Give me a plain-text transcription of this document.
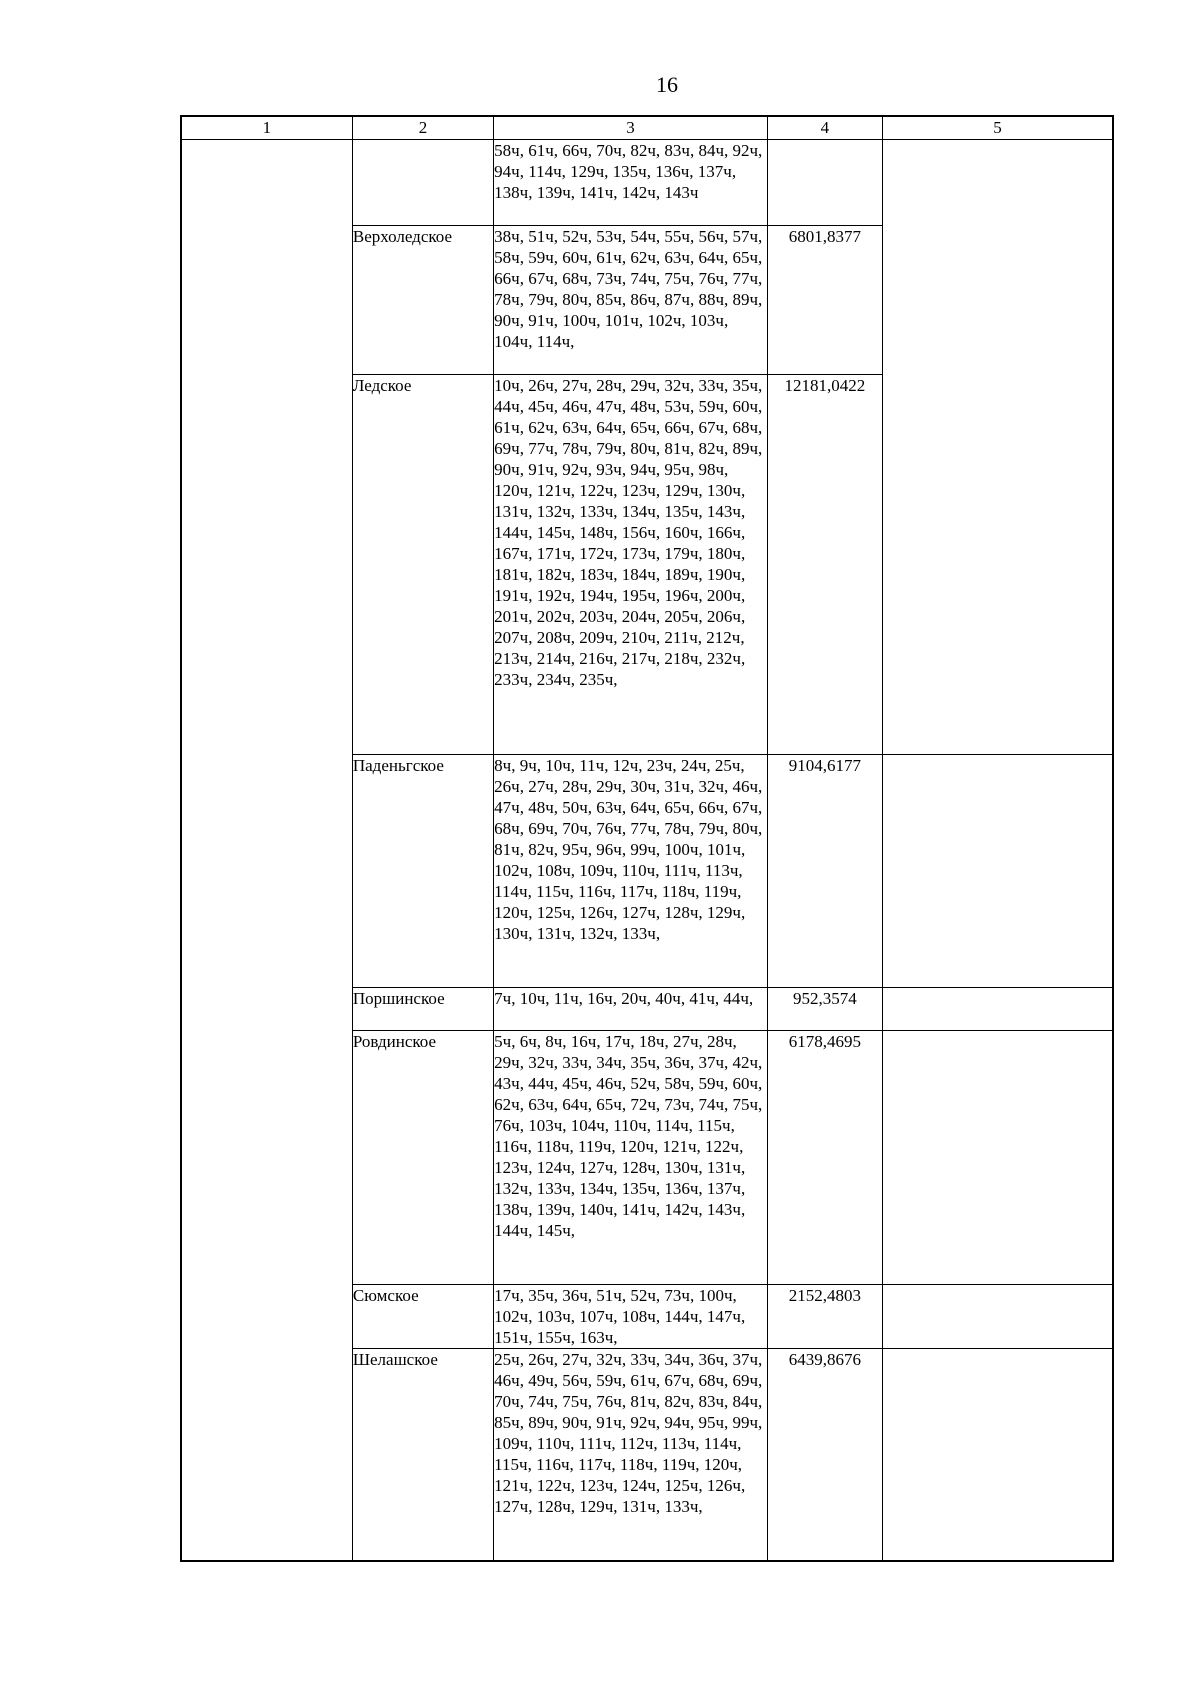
16
1	2	3	4	5
		58ч, 61ч, 66ч, 70ч, 82ч, 83ч, 84ч, 92ч, 94ч, 114ч, 129ч, 135ч, 136ч, 137ч, 138ч, 139ч, 141ч, 142ч, 143ч		
	Верхоледское	38ч, 51ч, 52ч, 53ч, 54ч, 55ч, 56ч, 57ч, 58ч, 59ч, 60ч, 61ч, 62ч, 63ч, 64ч, 65ч, 66ч, 67ч, 68ч, 73ч, 74ч, 75ч, 76ч, 77ч, 78ч, 79ч, 80ч, 85ч, 86ч, 87ч, 88ч, 89ч, 90ч, 91ч, 100ч, 101ч, 102ч, 103ч, 104ч, 114ч,	6801,8377	
	Ледское	10ч, 26ч, 27ч, 28ч, 29ч, 32ч, 33ч, 35ч, 44ч, 45ч, 46ч, 47ч, 48ч, 53ч, 59ч, 60ч, 61ч, 62ч, 63ч, 64ч, 65ч, 66ч, 67ч, 68ч, 69ч, 77ч, 78ч, 79ч, 80ч, 81ч, 82ч, 89ч, 90ч, 91ч, 92ч, 93ч, 94ч, 95ч, 98ч, 120ч, 121ч, 122ч, 123ч, 129ч, 130ч, 131ч, 132ч, 133ч, 134ч, 135ч, 143ч, 144ч, 145ч, 148ч, 156ч, 160ч, 166ч, 167ч, 171ч, 172ч, 173ч, 179ч, 180ч, 181ч, 182ч, 183ч, 184ч, 189ч, 190ч, 191ч, 192ч, 194ч, 195ч, 196ч, 200ч, 201ч, 202ч, 203ч, 204ч, 205ч, 206ч, 207ч, 208ч, 209ч, 210ч, 211ч, 212ч, 213ч, 214ч, 216ч, 217ч, 218ч, 232ч, 233ч, 234ч, 235ч,	12181,0422	
	Паденьгское	8ч, 9ч, 10ч, 11ч, 12ч, 23ч, 24ч, 25ч, 26ч, 27ч, 28ч, 29ч, 30ч, 31ч, 32ч, 46ч, 47ч, 48ч, 50ч, 63ч, 64ч, 65ч, 66ч, 67ч, 68ч, 69ч, 70ч, 76ч, 77ч, 78ч, 79ч, 80ч, 81ч, 82ч, 95ч, 96ч, 99ч, 100ч, 101ч, 102ч, 108ч, 109ч, 110ч, 111ч, 113ч, 114ч, 115ч, 116ч, 117ч, 118ч, 119ч, 120ч, 125ч, 126ч, 127ч, 128ч, 129ч, 130ч, 131ч, 132ч, 133ч,	9104,6177	
	Поршинское	7ч, 10ч, 11ч, 16ч, 20ч, 40ч, 41ч, 44ч,	952,3574	
	Ровдинское	5ч, 6ч, 8ч, 16ч, 17ч, 18ч, 27ч, 28ч, 29ч, 32ч, 33ч, 34ч, 35ч, 36ч, 37ч, 42ч, 43ч, 44ч, 45ч, 46ч, 52ч, 58ч, 59ч, 60ч, 62ч, 63ч, 64ч, 65ч, 72ч, 73ч, 74ч, 75ч, 76ч, 103ч, 104ч, 110ч, 114ч, 115ч, 116ч, 118ч, 119ч, 120ч, 121ч, 122ч, 123ч, 124ч, 127ч, 128ч, 130ч, 131ч, 132ч, 133ч, 134ч, 135ч, 136ч, 137ч, 138ч, 139ч, 140ч, 141ч, 142ч, 143ч, 144ч, 145ч,	6178,4695	
	Сюмское	17ч, 35ч, 36ч, 51ч, 52ч, 73ч, 100ч, 102ч, 103ч, 107ч, 108ч, 144ч, 147ч, 151ч, 155ч, 163ч,	2152,4803	
	Шелашское	25ч, 26ч, 27ч, 32ч, 33ч, 34ч, 36ч, 37ч, 46ч, 49ч, 56ч, 59ч, 61ч, 67ч, 68ч, 69ч, 70ч, 74ч, 75ч, 76ч, 81ч, 82ч, 83ч, 84ч, 85ч, 89ч, 90ч, 91ч, 92ч, 94ч, 95ч, 99ч, 109ч, 110ч, 111ч, 112ч, 113ч, 114ч, 115ч, 116ч, 117ч, 118ч, 119ч, 120ч, 121ч, 122ч, 123ч, 124ч, 125ч, 126ч, 127ч, 128ч, 129ч, 131ч, 133ч,	6439,8676	
